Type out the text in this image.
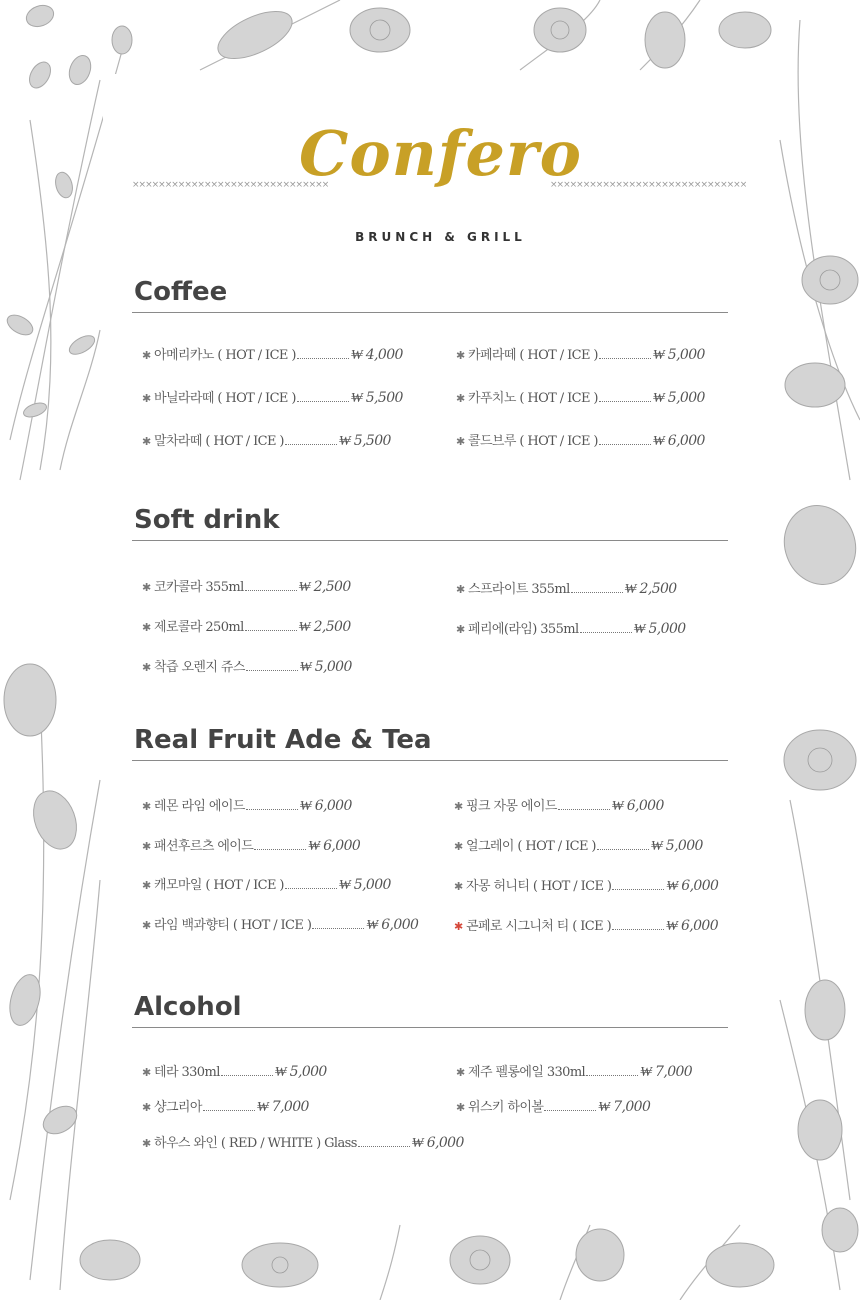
××××××××××××××××××××××××××××××	××××××××××××××××××××××××××××××
Confero
BRUNCH & GRILL
Coffee
✱ 아메리카노 ( HOT / ICE )	₩ 4,000	✱ 카페라떼 ( HOT / ICE )	₩ 5,000
✱ 바닐라라떼 ( HOT / ICE )	₩ 5,500	✱ 카푸치노 ( HOT / ICE )	₩ 5,000
✱ 말차라떼 ( HOT / ICE )	₩ 5,500	✱ 콜드브루 ( HOT / ICE )	₩ 6,000
Soft drink
✱ 코카콜라 355ml	₩ 2,500	✱ 스프라이트 355ml	₩ 2,500
✱ 제로콜라 250ml	₩ 2,500	✱ 페리에(라임) 355ml	₩ 5,000
✱ 착즙 오렌지 쥬스	₩ 5,000
Real Fruit Ade & Tea
✱ 레몬 라임 에이드	₩ 6,000	✱ 핑크 자몽 에이드	₩ 6,000
✱ 패션후르츠 에이드	₩ 6,000	✱ 얼그레이 ( HOT / ICE )	₩ 5,000
✱ 캐모마일 ( HOT / ICE )	₩ 5,000	✱ 자몽 허니티 ( HOT / ICE )	₩ 6,000
✱ 라임 백과향티 ( HOT / ICE )	₩ 6,000	✱ 콘페로 시그니처 티 ( ICE )	₩ 6,000
Alcohol
✱ 테라 330ml	₩ 5,000	✱ 제주 펠롱에일 330ml	₩ 7,000
✱ 샹그리아	₩ 7,000	✱ 위스키 하이볼	₩ 7,000
✱ 하우스 와인 ( RED / WHITE ) Glass	₩ 6,000
